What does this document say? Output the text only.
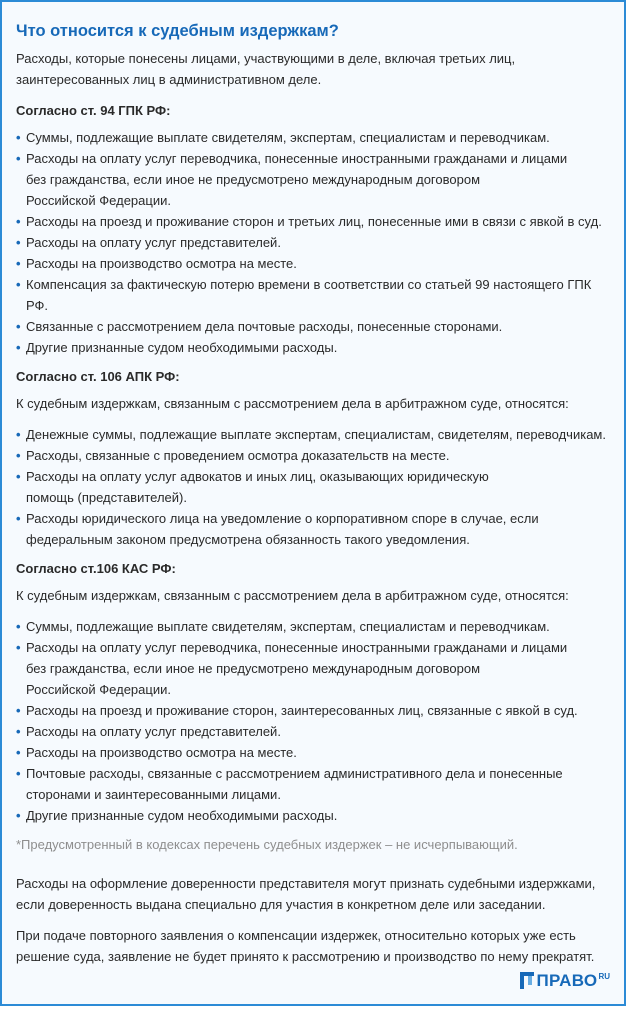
Что относится к судебным издержкам?

Расходы, которые понесены лицами, участвующими в деле, включая третьих лиц,
заинтересованных лиц в административном деле.

Согласно ст. 94 ГПК РФ:
• Суммы, подлежащие выплате свидетелям, экспертам, специалистам и переводчикам.
• Расходы на оплату услуг переводчика, понесенные иностранными гражданами и лицами
без гражданства, если иное не предусмотрено международным договором
Российской Федерации.
• Расходы на проезд и проживание сторон и третьих лиц, понесенные ими в связи с явкой в суд.
• Расходы на оплату услуг представителей.
• Расходы на производство осмотра на месте.
• Компенсация за фактическую потерю времени в соответствии со статьей 99 настоящего ГПК РФ.
• Связанные с рассмотрением дела почтовые расходы, понесенные сторонами.
• Другие признанные судом необходимыми расходы.
Согласно ст. 106 АПК РФ:

К судебным издержкам, связанным с рассмотрением дела в арбитражном суде, относятся:

• Денежные суммы, подлежащие выплате экспертам, специалистам, свидетелям, переводчикам.
• Расходы, связанные с проведением осмотра доказательств на месте.
• Расходы на оплату услуг адвокатов и иных лиц, оказывающих юридическую
помощь (представителей).
• Расходы юридического лица на уведомление о корпоративном споре в случае, если
федеральным законом предусмотрена обязанность такого уведомления.
Согласно ст.106 КАС РФ:

К судебным издержкам, связанным с рассмотрением дела в арбитражном суде, относятся:

• Суммы, подлежащие выплате свидетелям, экспертам, специалистам и переводчикам.
• Расходы на оплату услуг переводчика, понесенные иностранными гражданами и лицами
без гражданства, если иное не предусмотрено международным договором
Российской Федерации.
• Расходы на проезд и проживание сторон, заинтересованных лиц, связанные с явкой в суд.
• Расходы на оплату услуг представителей.
• Расходы на производство осмотра на месте.
• Почтовые расходы, связанные с рассмотрением административного дела и понесенные
сторонами и заинтересованными лицами.
• Другие признанные судом необходимыми расходы.

*Предусмотренный в кодексах перечень судебных издержек – не исчерпывающий.

Расходы на оформление доверенности представителя могут признать судебными издержками,
если доверенность выдана специально для участия в конкретном деле или заседании.

При подаче повторного заявления о компенсации издержек, относительно которых уже есть
решение суда, заявление не будет принято к рассмотрению и производство по нему прекратят.

ПРАВО RU
